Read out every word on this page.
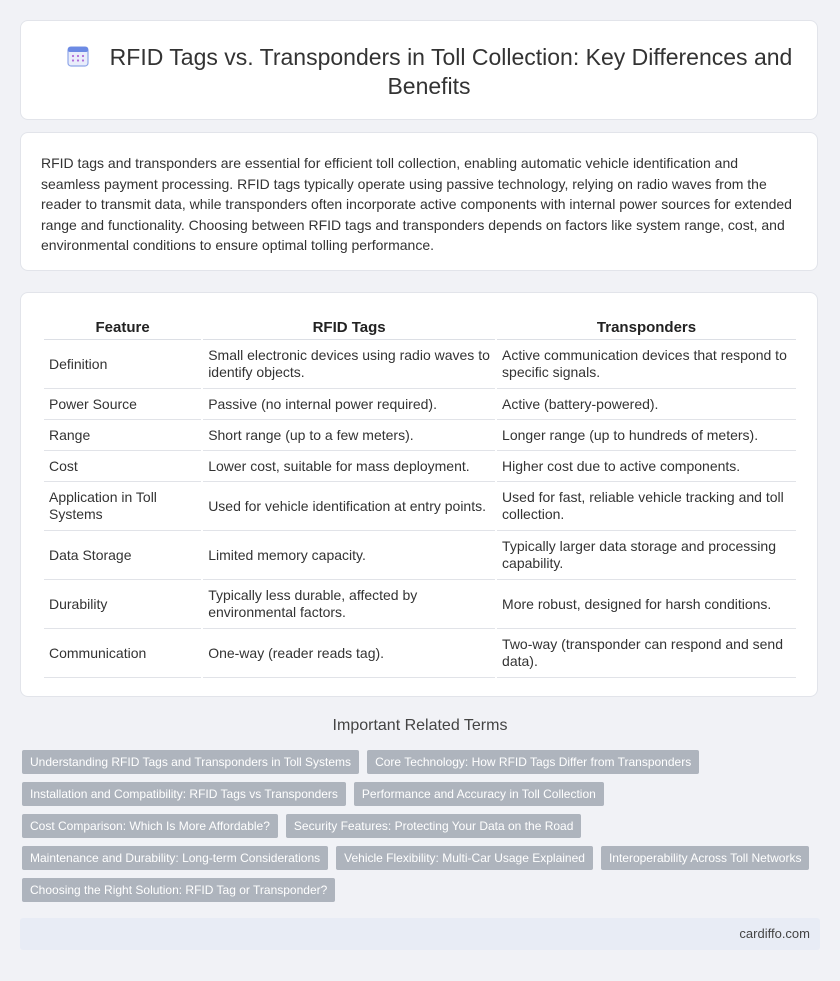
RFID Tags vs. Transponders in Toll Collection: Key Differences and Benefits

RFID tags and transponders are essential for efficient toll collection, enabling automatic vehicle identification and seamless payment processing. RFID tags typically operate using passive technology, relying on radio waves from the reader to transmit data, while transponders often incorporate active components with internal power sources for extended range and functionality. Choosing between RFID tags and transponders depends on factors like system range, cost, and environmental conditions to ensure optimal tolling performance.

Feature	RFID Tags	Transponders
Definition	Small electronic devices using radio waves to identify objects.	Active communication devices that respond to specific signals.
Power Source	Passive (no internal power required).	Active (battery-powered).
Range	Short range (up to a few meters).	Longer range (up to hundreds of meters).
Cost	Lower cost, suitable for mass deployment.	Higher cost due to active components.
Application in Toll Systems	Used for vehicle identification at entry points.	Used for fast, reliable vehicle tracking and toll collection.
Data Storage	Limited memory capacity.	Typically larger data storage and processing capability.
Durability	Typically less durable, affected by environmental factors.	More robust, designed for harsh conditions.
Communication	One-way (reader reads tag).	Two-way (transponder can respond and send data).
Important Related Terms
Understanding RFID Tags and Transponders in Toll Systems	Core Technology: How RFID Tags Differ from Transponders
Installation and Compatibility: RFID Tags vs Transponders	Performance and Accuracy in Toll Collection
Cost Comparison: Which Is More Affordable?	Security Features: Protecting Your Data on the Road
Maintenance and Durability: Long-term Considerations	Vehicle Flexibility: Multi-Car Usage Explained	Interoperability Across Toll Networks
Choosing the Right Solution: RFID Tag or Transponder?
cardiffo.com
